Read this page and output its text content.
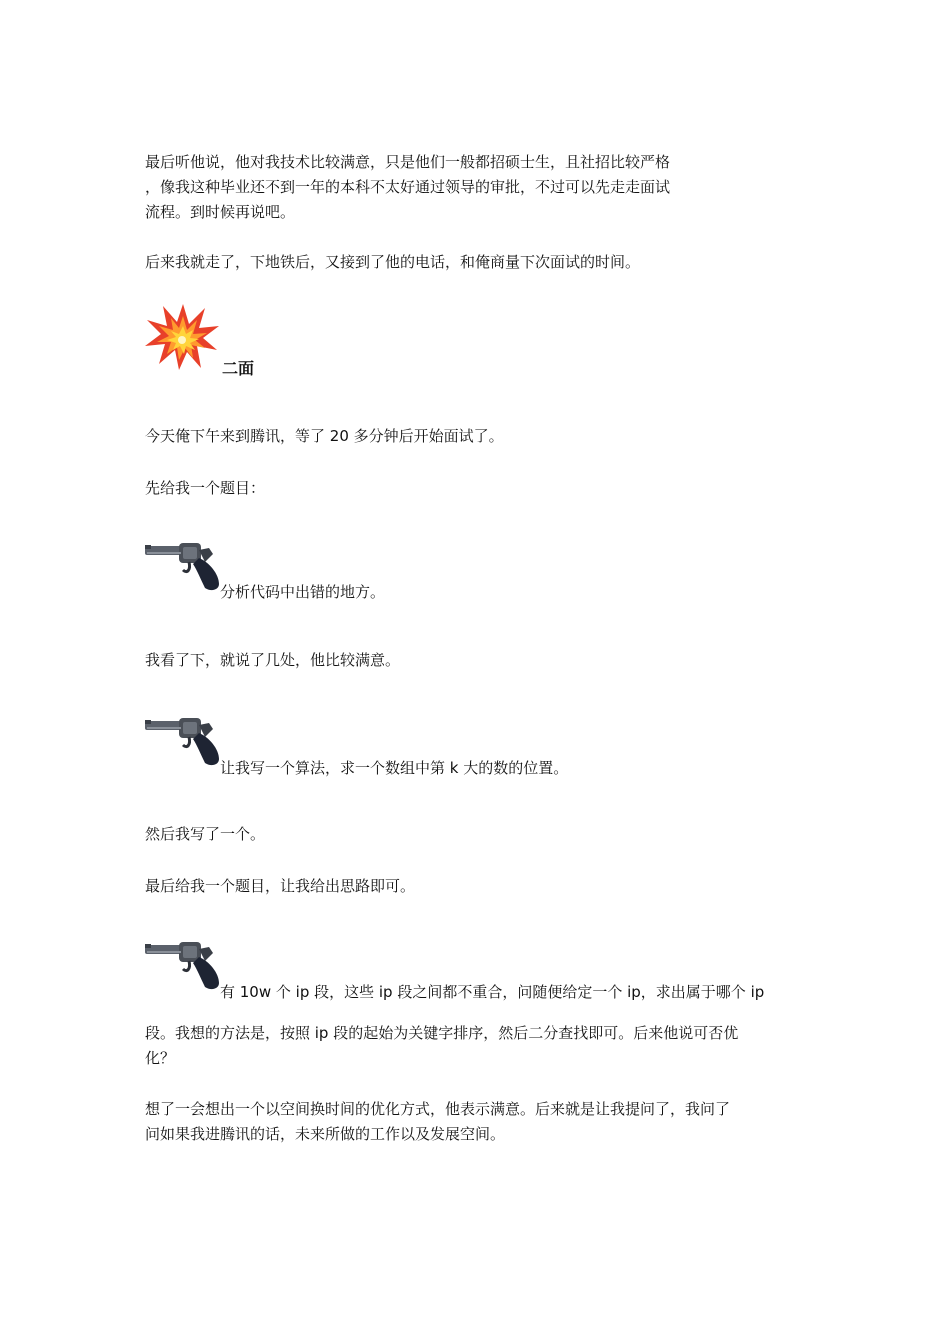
最后听他说，他对我技术比较满意，只是他们一般都招硕士生，且社招比较严格

，像我这种毕业还不到一年的本科不太好通过领导的审批，不过可以先走走面试

流程。到时候再说吧。

后来我就走了，下地铁后，又接到了他的电话，和俺商量下次面试的时间。

二面

今天俺下午来到腾讯，等了 20 多分钟后开始面试了。

先给我一个题目：

分析代码中出错的地方。

我看了下，就说了几处，他比较满意。

让我写一个算法，求一个数组中第 k 大的数的位置。

然后我写了一个。

最后给我一个题目，让我给出思路即可。

有 10w 个 ip 段，这些 ip 段之间都不重合，问随便给定一个 ip，求出属于哪个 ip

段。我想的方法是，按照 ip 段的起始为关键字排序，然后二分查找即可。后来他说可否优

化？

想了一会想出一个以空间换时间的优化方式，他表示满意。后来就是让我提问了，我问了

问如果我进腾讯的话，未来所做的工作以及发展空间。
